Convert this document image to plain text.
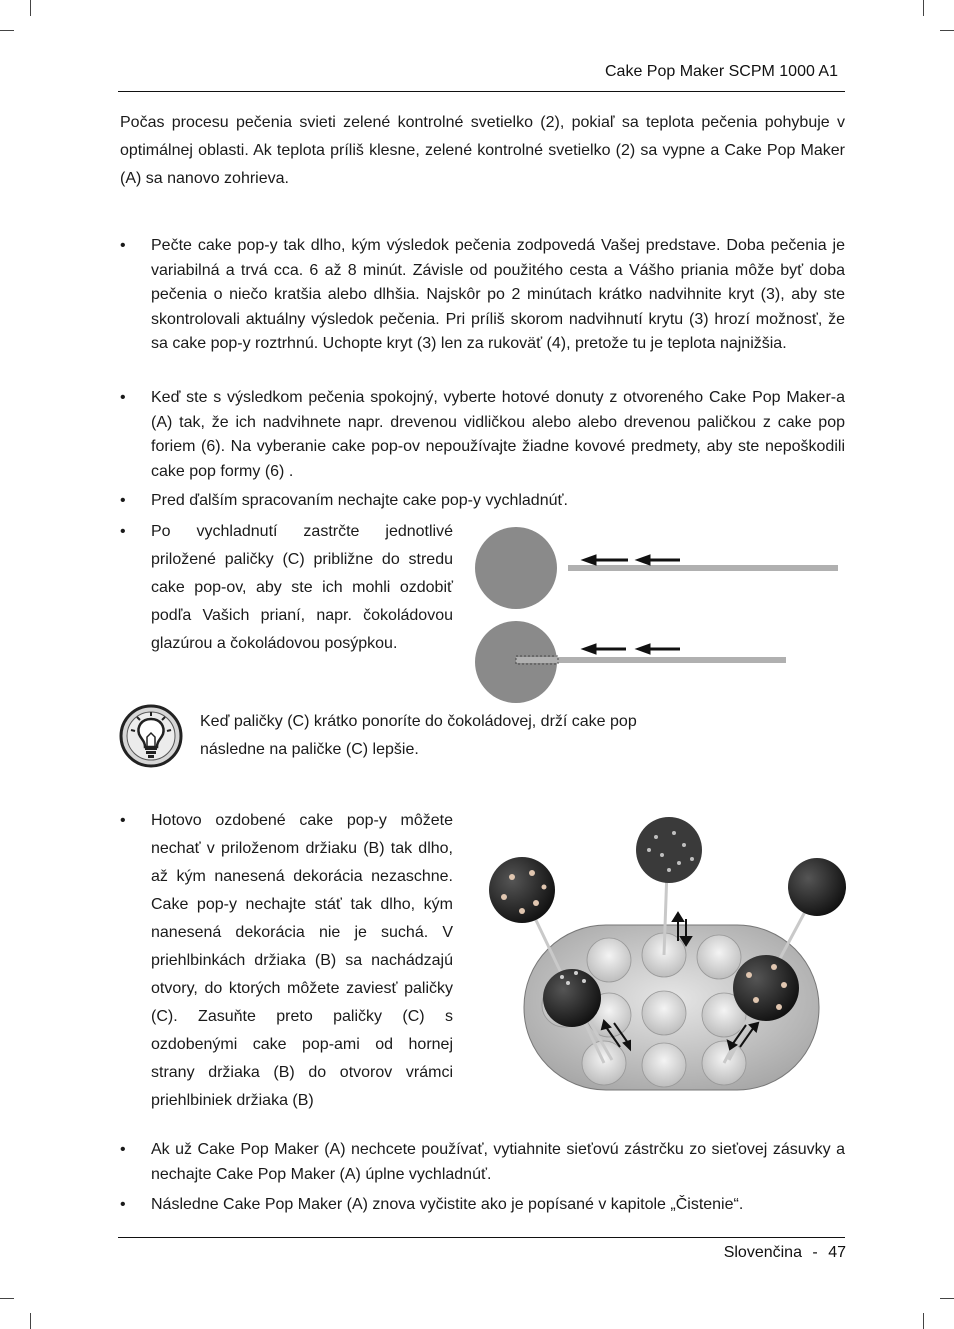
Cake Pop Maker SCPM 1000 A1

Počas procesu pečenia svieti zelené kontrolné svetielko (2), pokiaľ sa teplota pečenia pohybuje v optimálnej oblasti. Ak teplota príliš klesne, zelené kontrolné svetielko (2) sa vypne a Cake Pop Maker (A) sa nanovo zohrieva.

•	Pečte cake pop-y tak dlho, kým výsledok pečenia zodpovedá Vašej predstave. Doba pečenia je variabilná a trvá cca. 6 až 8 minút. Závisle od použitého cesta a Vášho priania môže byť doba pečenia o niečo kratšia alebo dlhšia. Najskôr po 2 minútach krátko nadvihnite kryt (3), aby ste skontrolovali aktuálny výsledok pečenia. Pri príliš skorom nadvihnutí krytu (3) hrozí možnosť, že sa cake pop-y roztrhnú. Uchopte kryt (3) len za rukoväť (4), pretože tu je teplota najnižšia.
•	Keď ste s výsledkom pečenia spokojný, vyberte hotové donuty z otvoreného Cake Pop Maker-a (A) tak, že ich nadvihnete napr. drevenou vidličkou alebo alebo drevenou paličkou z cake pop foriem (6). Na vyberanie cake pop-ov nepoužívajte žiadne kovové predmety, aby ste nepoškodili cake pop formy (6) .
•	Pred ďalším spracovaním nechajte cake pop-y vychladnúť.
•	Po vychladnutí zastrčte jednotlivé priložené paličky (C) približne do stredu cake pop-ov, aby ste ich mohli ozdobiť podľa Vašich prianí, napr. čokoládovou glazúrou a čokoládovou posýpkou.
Keď paličky (C) krátko ponoríte do čokoládovej, drží cake pop následne na paličke (C) lepšie.
•	Hotovo ozdobené cake pop-y môžete nechať v priloženom držiaku (B) tak dlho, až kým nanesená dekorácia nezaschne. Cake pop-y nechajte stáť tak dlho, kým nanesená dekorácia nie je suchá. V priehlbinkách držiaka (B) sa nachádzajú otvory, do ktorých môžete zaviesť paličky (C). Zasuňte preto paličky (C) s ozdobenými cake pop-ami od hornej strany držiaka (B) do otvorov vrámci priehlbiniek držiaka (B)
•	Ak už Cake Pop Maker (A) nechcete používať, vytiahnite sieťovú zástrčku zo sieťovej zásuvky a nechajte Cake Pop Maker (A) úplne vychladnúť.
•	Následne Cake Pop Maker (A) znova vyčistite ako je popísané v kapitole „Čistenie“.
Slovenčina - 47
